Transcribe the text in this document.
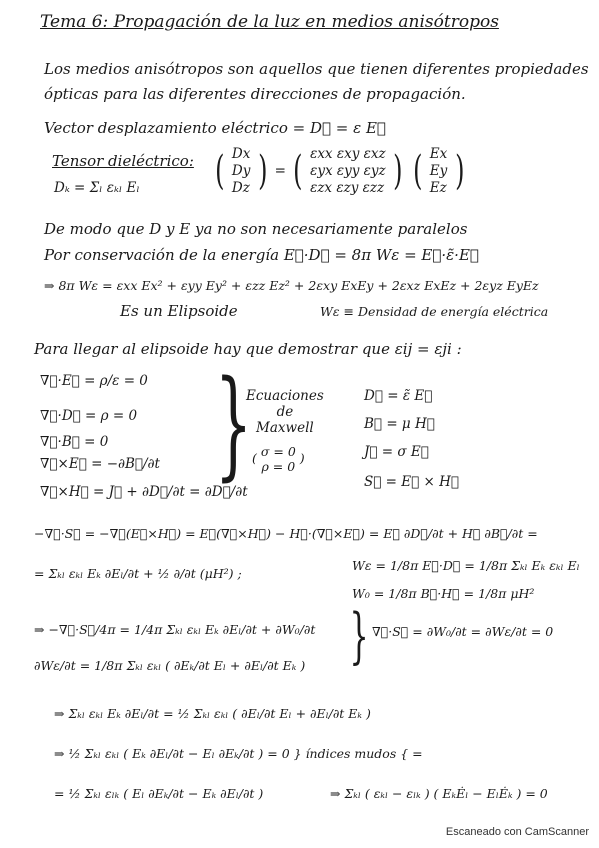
Tema 6: Propagación de la luz en medios anisótropos
Los medios anisótropos son aquellos que tienen diferentes propiedades
ópticas para las diferentes direcciones de propagación.
Vector desplazamiento eléctrico = D⃗ = ε E⃗
Tensor dieléctrico:
Dₖ = Σₗ εₖₗ Eₗ ( Dx
Dy
Dz ) = ( εxx εxy εxz
εyx εyy εyz
εzx εzy εzz ) ( Ex
Ey
Ez )
De modo que D y E ya no son necesariamente paralelos
Por conservación de la energía E⃗·D⃗ = 8π Wε = E⃗·ε̃·E⃗
⇒ 8π Wε = εxx Ex² + εyy Ey² + εzz Ez² + 2εxy ExEy + 2εxz ExEz + 2εyz EyEz
Es un Elipsoide	Wε ≡ Densidad de energía eléctrica
Para llegar al elipsoide hay que demostrar que εij = εji :
∇⃗·E⃗ = ρ/ε = 0
∇⃗·D⃗ = ρ = 0
∇⃗·B⃗ = 0
∇⃗×E⃗ = −∂B⃗/∂t
∇⃗×H⃗ = J⃗ + ∂D⃗/∂t = ∂D⃗/∂t
}
Ecuaciones
de
Maxwell
( σ = 0
ρ = 0
)
D⃗ = ε̃ E⃗
B⃗ = μ H⃗
J⃗ = σ E⃗
S⃗ = E⃗ × H⃗
−∇⃗·S⃗ = −∇⃗(E⃗×H⃗) = E⃗(∇⃗×H⃗) − H⃗·(∇⃗×E⃗) = E⃗ ∂D⃗/∂t + H⃗ ∂B⃗/∂t =
= Σₖₗ εₖₗ Eₖ ∂Eₗ/∂t + ½ ∂/∂t (μH²) ;
Wε = 1/8π E⃗·D⃗ = 1/8π Σₖₗ Eₖ εₖₗ Eₗ
W₀ = 1/8π B⃗·H⃗ = 1/8π μH²
⇒ −∇⃗·S⃗/4π = 1/4π Σₖₗ εₖₗ Eₖ ∂Eₗ/∂t + ∂W₀/∂t } ∇⃗·S⃗ = ∂W₀/∂t = ∂Wε/∂t = 0
∂Wε/∂t = 1/8π Σₖₗ εₖₗ ( ∂Eₖ/∂t Eₗ + ∂Eₗ/∂t Eₖ )
⇒ Σₖₗ εₖₗ Eₖ ∂Eₗ/∂t = ½ Σₖₗ εₖₗ ( ∂Eₗ/∂t Eₗ + ∂Eₗ/∂t Eₖ )
⇒ ½ Σₖₗ εₖₗ ( Eₖ ∂Eₗ/∂t − Eₗ ∂Eₖ/∂t ) = 0 } índices mudos { =
= ½ Σₖₗ εₗₖ ( Eₗ ∂Eₖ/∂t − Eₖ ∂Eₗ/∂t )	⇒ Σₖₗ ( εₖₗ − εₗₖ ) ( EₖĖₗ − EₗĖₖ ) = 0
Escaneado con CamScanner
